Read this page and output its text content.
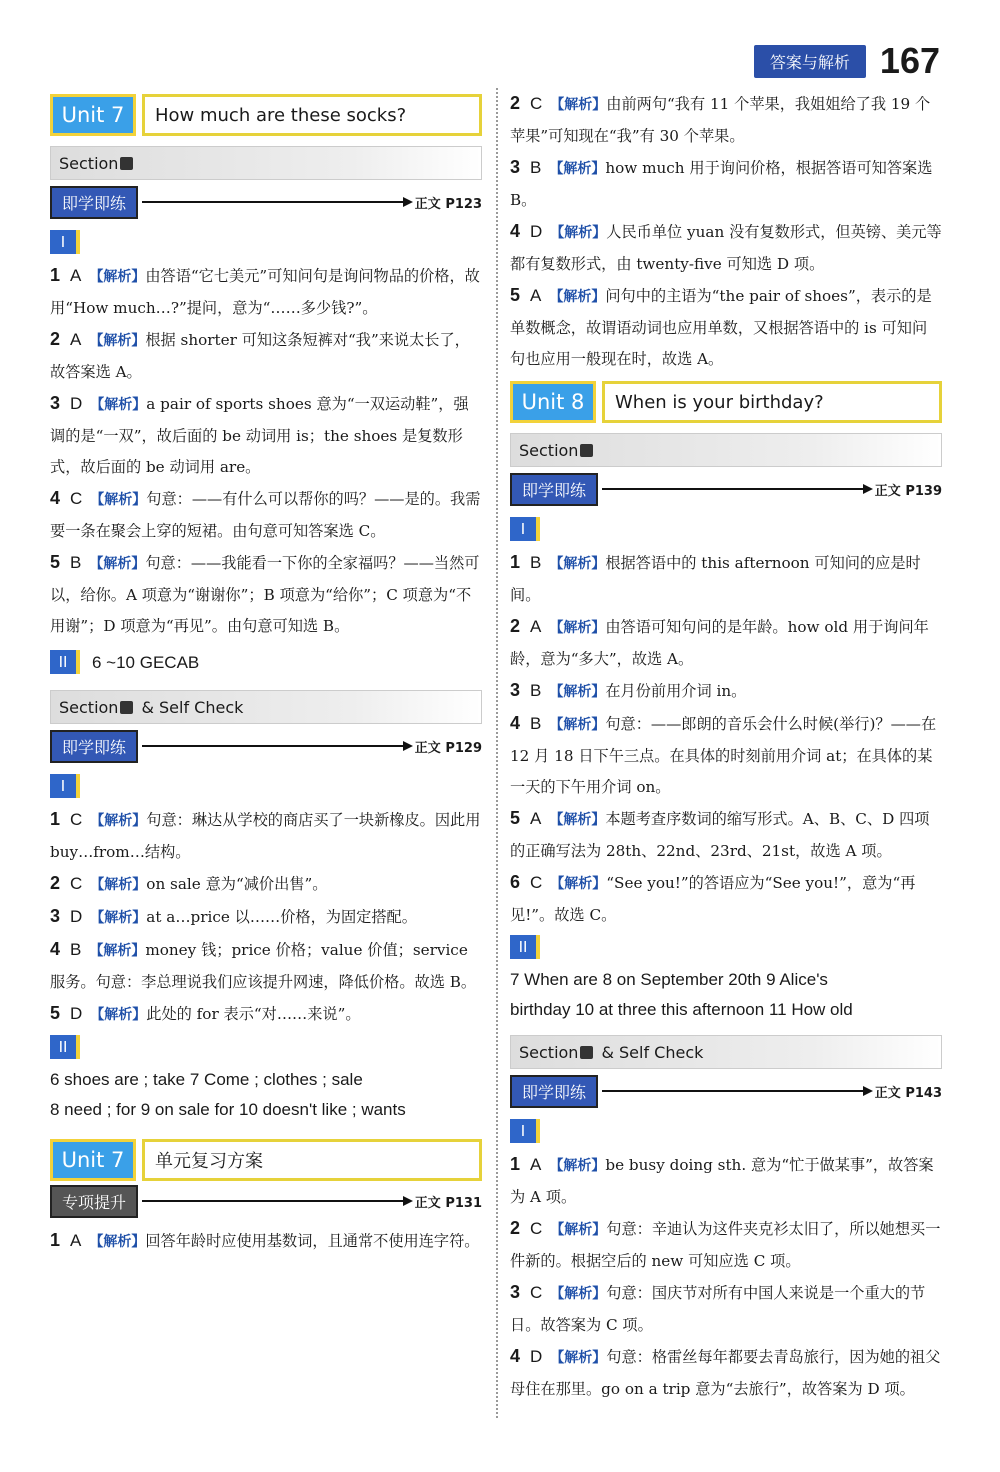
答案与解析 167
Unit 7	How much are these socks?
Section
即学即练	正文 P123
I

1 A 【解析】由答语“它七美元”可知问句是询问物品的价格，故用“How much…?”提问，意为“……多少钱?”。

2 A 【解析】根据 shorter 可知这条短裤对“我”来说太长了，故答案选 A。

3 D 【解析】a pair of sports shoes 意为“一双运动鞋”，强调的是“一双”，故后面的 be 动词用 is；the shoes 是复数形式，故后面的 be 动词用 are。

4 C 【解析】句意：——有什么可以帮你的吗？——是的。我需要一条在聚会上穿的短裙。由句意可知答案选 C。

5 B 【解析】句意：——我能看一下你的全家福吗？——当然可以，给你。A 项意为“谢谢你”；B 项意为“给你”；C 项意为“不用谢”；D 项意为“再见”。由句意可知选 B。

II	6 ~10 GECAB
Section & Self Check
即学即练	正文 P129
I

1 C 【解析】句意：琳达从学校的商店买了一块新橡皮。因此用 buy…from…结构。

2 C 【解析】on sale 意为“减价出售”。

3 D 【解析】at a…price 以……价格，为固定搭配。

4 B 【解析】money 钱；price 价格；value 价值；service 服务。句意：李总理说我们应该提升网速，降低价格。故选 B。

5 D 【解析】此处的 for 表示“对……来说”。

II
6 shoes are ; take 7 Come ; clothes ; sale
8 need ; for 9 on sale for 10 doesn't like ; wants
Unit 7	单元复习方案
专项提升	正文 P131

1 A 【解析】回答年龄时应使用基数词，且通常不使用连字符。

2 C 【解析】由前两句“我有 11 个苹果，我姐姐给了我 19 个苹果”可知现在“我”有 30 个苹果。

3 B 【解析】how much 用于询问价格，根据答语可知答案选 B。

4 D 【解析】人民币单位 yuan 没有复数形式，但英镑、美元等都有复数形式，由 twenty-five 可知选 D 项。

5 A 【解析】问句中的主语为“the pair of shoes”，表示的是单数概念，故谓语动词也应用单数，又根据答语中的 is 可知问句也应用一般现在时，故选 A。

Unit 8	When is your birthday?
Section
即学即练	正文 P139
I

1 B 【解析】根据答语中的 this afternoon 可知问的应是时间。

2 A 【解析】由答语可知句问的是年龄。how old 用于询问年龄，意为“多大”，故选 A。

3 B 【解析】在月份前用介词 in。

4 B 【解析】句意：——郎朗的音乐会什么时候(举行)？——在 12 月 18 日下午三点。在具体的时刻前用介词 at；在具体的某一天的下午用介词 on。

5 A 【解析】本题考查序数词的缩写形式。A、B、C、D 四项的正确写法为 28th、22nd、23rd、21st，故选 A 项。

6 C 【解析】“See you!”的答语应为“See you!”，意为“再见!”。故选 C。

II
7 When are 8 on September 20th 9 Alice's
birthday 10 at three this afternoon 11 How old
Section & Self Check
即学即练	正文 P143
I

1 A 【解析】be busy doing sth. 意为“忙于做某事”，故答案为 A 项。

2 C 【解析】句意：辛迪认为这件夹克衫太旧了，所以她想买一件新的。根据空后的 new 可知应选 C 项。

3 C 【解析】句意：国庆节对所有中国人来说是一个重大的节日。故答案为 C 项。

4 D 【解析】句意：格雷丝每年都要去青岛旅行，因为她的祖父母住在那里。go on a trip 意为“去旅行”，故答案为 D 项。
